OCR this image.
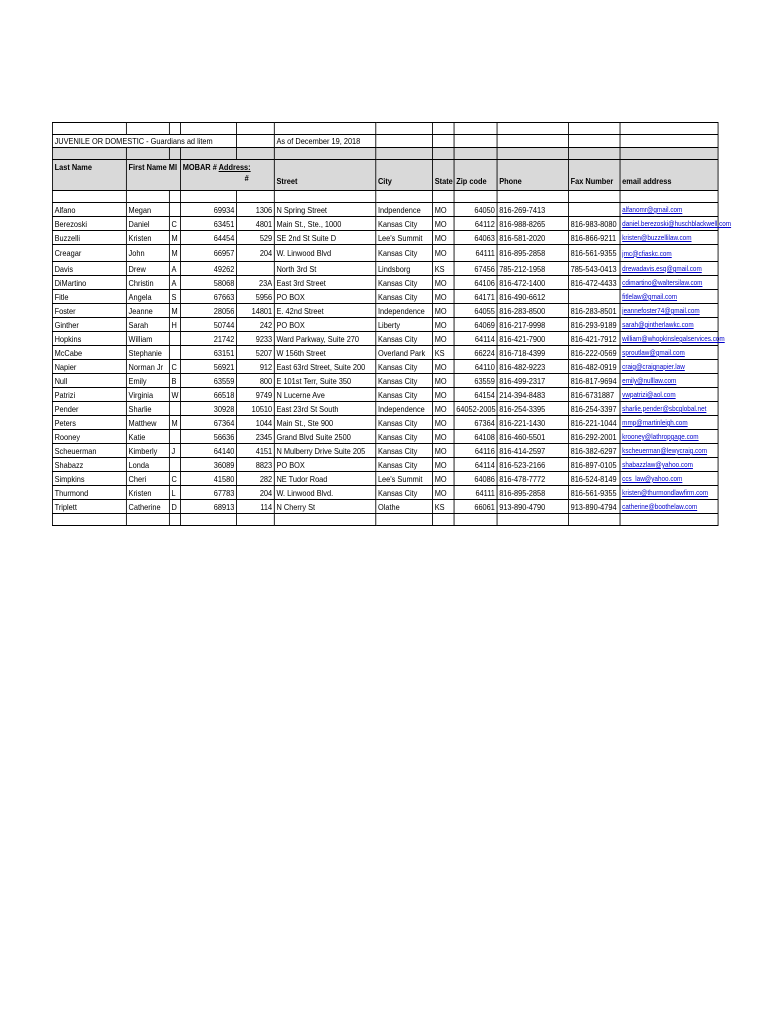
JUVENILE OR DOMESTIC - Guardians ad litem					As of December 19, 2018						

Last Name	First Name MI		MOBAR # Address:
#		Street	City	State	Zip code	Phone	Fax Number	email address

Alfano	Megan		69934	1306	N Spring Street	Indpendence	MO	64050	816-269-7413		alfanomr@gmail.com
Berezoski	Daniel	C	63451	4801	Main St., Ste., 1000	Kansas City	MO	64112	816-988-8265	816-983-8080	daniel.berezoski@huschblackwell.com
Buzzelli	Kristen	M	64454	529	SE 2nd St Suite D	Lee's Summit	MO	64063	816-581-2020	816-866-9211	kristen@buzzellilaw.com
Creagar	John	M	66957	204	W. Linwood Blvd	Kansas City	MO	64111	816-895-2858	816-561-9355	jmc@cfiaskc.com
Davis	Drew	A	49262		North 3rd St	Lindsborg	KS	67456	785-212-1958	785-543-0413	drewadavis.esq@gmail.com
DiMartino	Christin	A	58068	23A	East 3rd Street	Kansas City	MO	64106	816-472-1400	816-472-4433	cdimartino@waltersilaw.com
Fitle	Angela	S	67663	5956	PO BOX	Kansas City	MO	64171	816-490-6612		fitlelaw@gmail.com
Foster	Jeanne	M	28056	14801	E. 42nd Street	Independence	MO	64055	816-283-8500	816-283-8501	jeannefoster74@gmail.com
Ginther	Sarah	H	50744	242	PO BOX	Liberty	MO	64069	816-217-9998	816-293-9189	sarah@gintherlawkc.com
Hopkins	William		21742	9233	Ward Parkway, Suite 270	Kansas City	MO	64114	816-421-7900	816-421-7912	william@whopkinslegalservices.com
McCabe	Stephanie		63151	5207	W 156th Street	Overland Park	KS	66224	816-718-4399	816-222-0569	sproutlaw@gmail.com
Napier	Norman Jr	C	56921	912	East 63rd Street, Suite 200	Kansas City	MO	64110	816-482-9223	816-482-0919	craig@craignapier.law
Null	Emily	B	63559	800	E 101st Terr, Suite 350	Kansas City	MO	63559	816-499-2317	816-817-9694	emily@nulllaw.com
Patrizi	Virginia	W	66518	9749	N Lucerne Ave	Kansas City	MO	64154	214-394-8483	816-6731887	vwpatrizi@aol.com
Pender	Sharlie		30928	10510	East 23rd St South	Independence	MO	64052-2005	816-254-3395	816-254-3397	sharlie.pender@sbcglobal.net
Peters	Matthew	M	67364	1044	Main St., Ste 900	Kansas City	MO	67364	816-221-1430	816-221-1044	mmp@martinleigh.com
Rooney	Katie		56636	2345	Grand Blvd Suite 2500	Kansas City	MO	64108	816-460-5501	816-292-2001	krooney@lathropgage.com
Scheuerman	Kimberly	J	64140	4151	N Mulberry Drive Suite 205	Kansas City	MO	64116	816-414-2597	816-382-6297	kscheuerman@lewycraig.com
Shabazz	Londa		36089	8823	PO BOX	Kansas City	MO	64114	816-523-2166	816-897-0105	shabazzlaw@yahoo.com
Simpkins	Cheri	C	41580	282	NE Tudor Road	Lee's Summit	MO	64086	816-478-7772	816-524-8149	ccs_law@yahoo.com
Thurmond	Kristen	L	67783	204	W. Linwood Blvd.	Kansas City	MO	64111	816-895-2858	816-561-9355	kristen@thurmondlawfirm.com
Triplett	Catherine	D	68913	114	N Cherry St	Olathe	KS	66061	913-890-4790	913-890-4794	catherine@boothelaw.com
